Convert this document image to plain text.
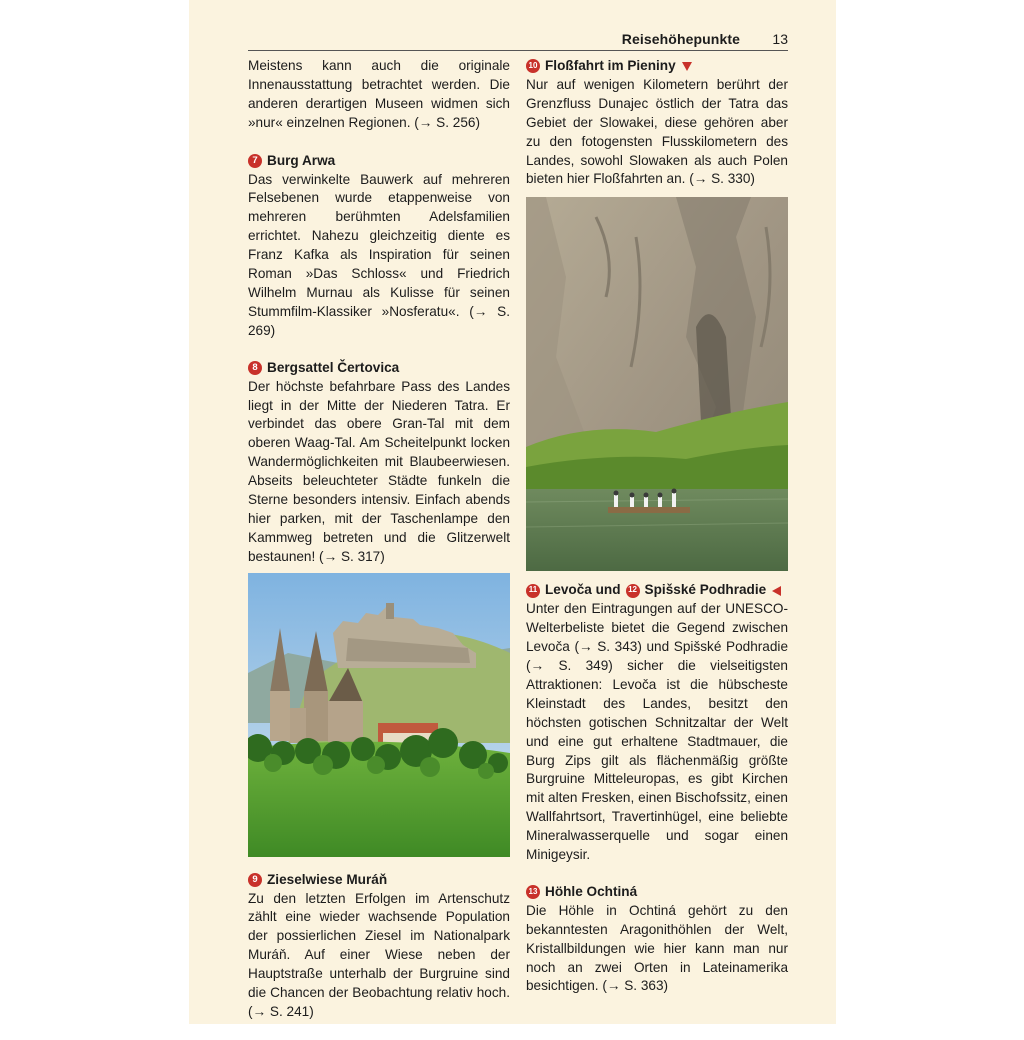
Reisehöhepunkte 13

Meistens kann auch die originale Innenausstattung betrachtet werden. Die anderen derartigen Museen widmen sich »nur« einzelnen Regionen. (→ S. 256)

7 Burg Arwa

Das verwinkelte Bauwerk auf mehreren Felsebenen wurde etappenweise von mehreren berühmten Adelsfamilien errichtet. Nahezu gleichzeitig diente es Franz Kafka als Inspiration für seinen Roman »Das Schloss« und Friedrich Wilhelm Murnau als Kulisse für seinen Stummfilm-Klassiker »Nosferatu«. (→ S. 269)

8 Bergsattel Čertovica

Der höchste befahrbare Pass des Landes liegt in der Mitte der Niederen Tatra. Er verbindet das obere Gran-Tal mit dem oberen Waag-Tal. Am Scheitelpunkt locken Wandermöglichkeiten mit Blaubeerwiesen. Abseits beleuchteter Städte funkeln die Sterne besonders intensiv. Einfach abends hier parken, mit der Taschenlampe den Kammweg betreten und die Glitzerwelt bestaunen! (→ S. 317)

9 Zieselwiese Muráň

Zu den letzten Erfolgen im Artenschutz zählt eine wieder wachsende Population der possierlichen Ziesel im Nationalpark Muráň. Auf einer Wiese neben der Hauptstraße unterhalb der Burgruine sind die Chancen der Beobachtung relativ hoch. (→ S. 241)

10 Floßfahrt im Pieniny

Nur auf wenigen Kilometern berührt der Grenzfluss Dunajec östlich der Tatra das Gebiet der Slowakei, diese gehören aber zu den fotogensten Flusskilometern des Landes, sowohl Slowaken als auch Polen bieten hier Floßfahrten an. (→ S. 330)

11 Levoča und 12 Spišské Podhradie

Unter den Eintragungen auf der UNESCO-Welterbeliste bietet die Gegend zwischen Levoča (→ S. 343) und Spišské Podhradie (→ S. 349) sicher die vielseitigsten Attraktionen: Levoča ist die hübscheste Kleinstadt des Landes, besitzt den höchsten gotischen Schnitzaltar der Welt und eine gut erhaltene Stadtmauer, die Burg Zips gilt als flächenmäßig größte Burgruine Mitteleuropas, es gibt Kirchen mit alten Fresken, einen Bischofssitz, einen Wallfahrtsort, Travertinhügel, eine beliebte Mineralwasserquelle und sogar einen Minigeysir.

13 Höhle Ochtiná

Die Höhle in Ochtiná gehört zu den bekanntesten Aragonithöhlen der Welt, Kristallbildungen wie hier kann man nur noch an zwei Orten in Lateinamerika besichtigen. (→ S. 363)
